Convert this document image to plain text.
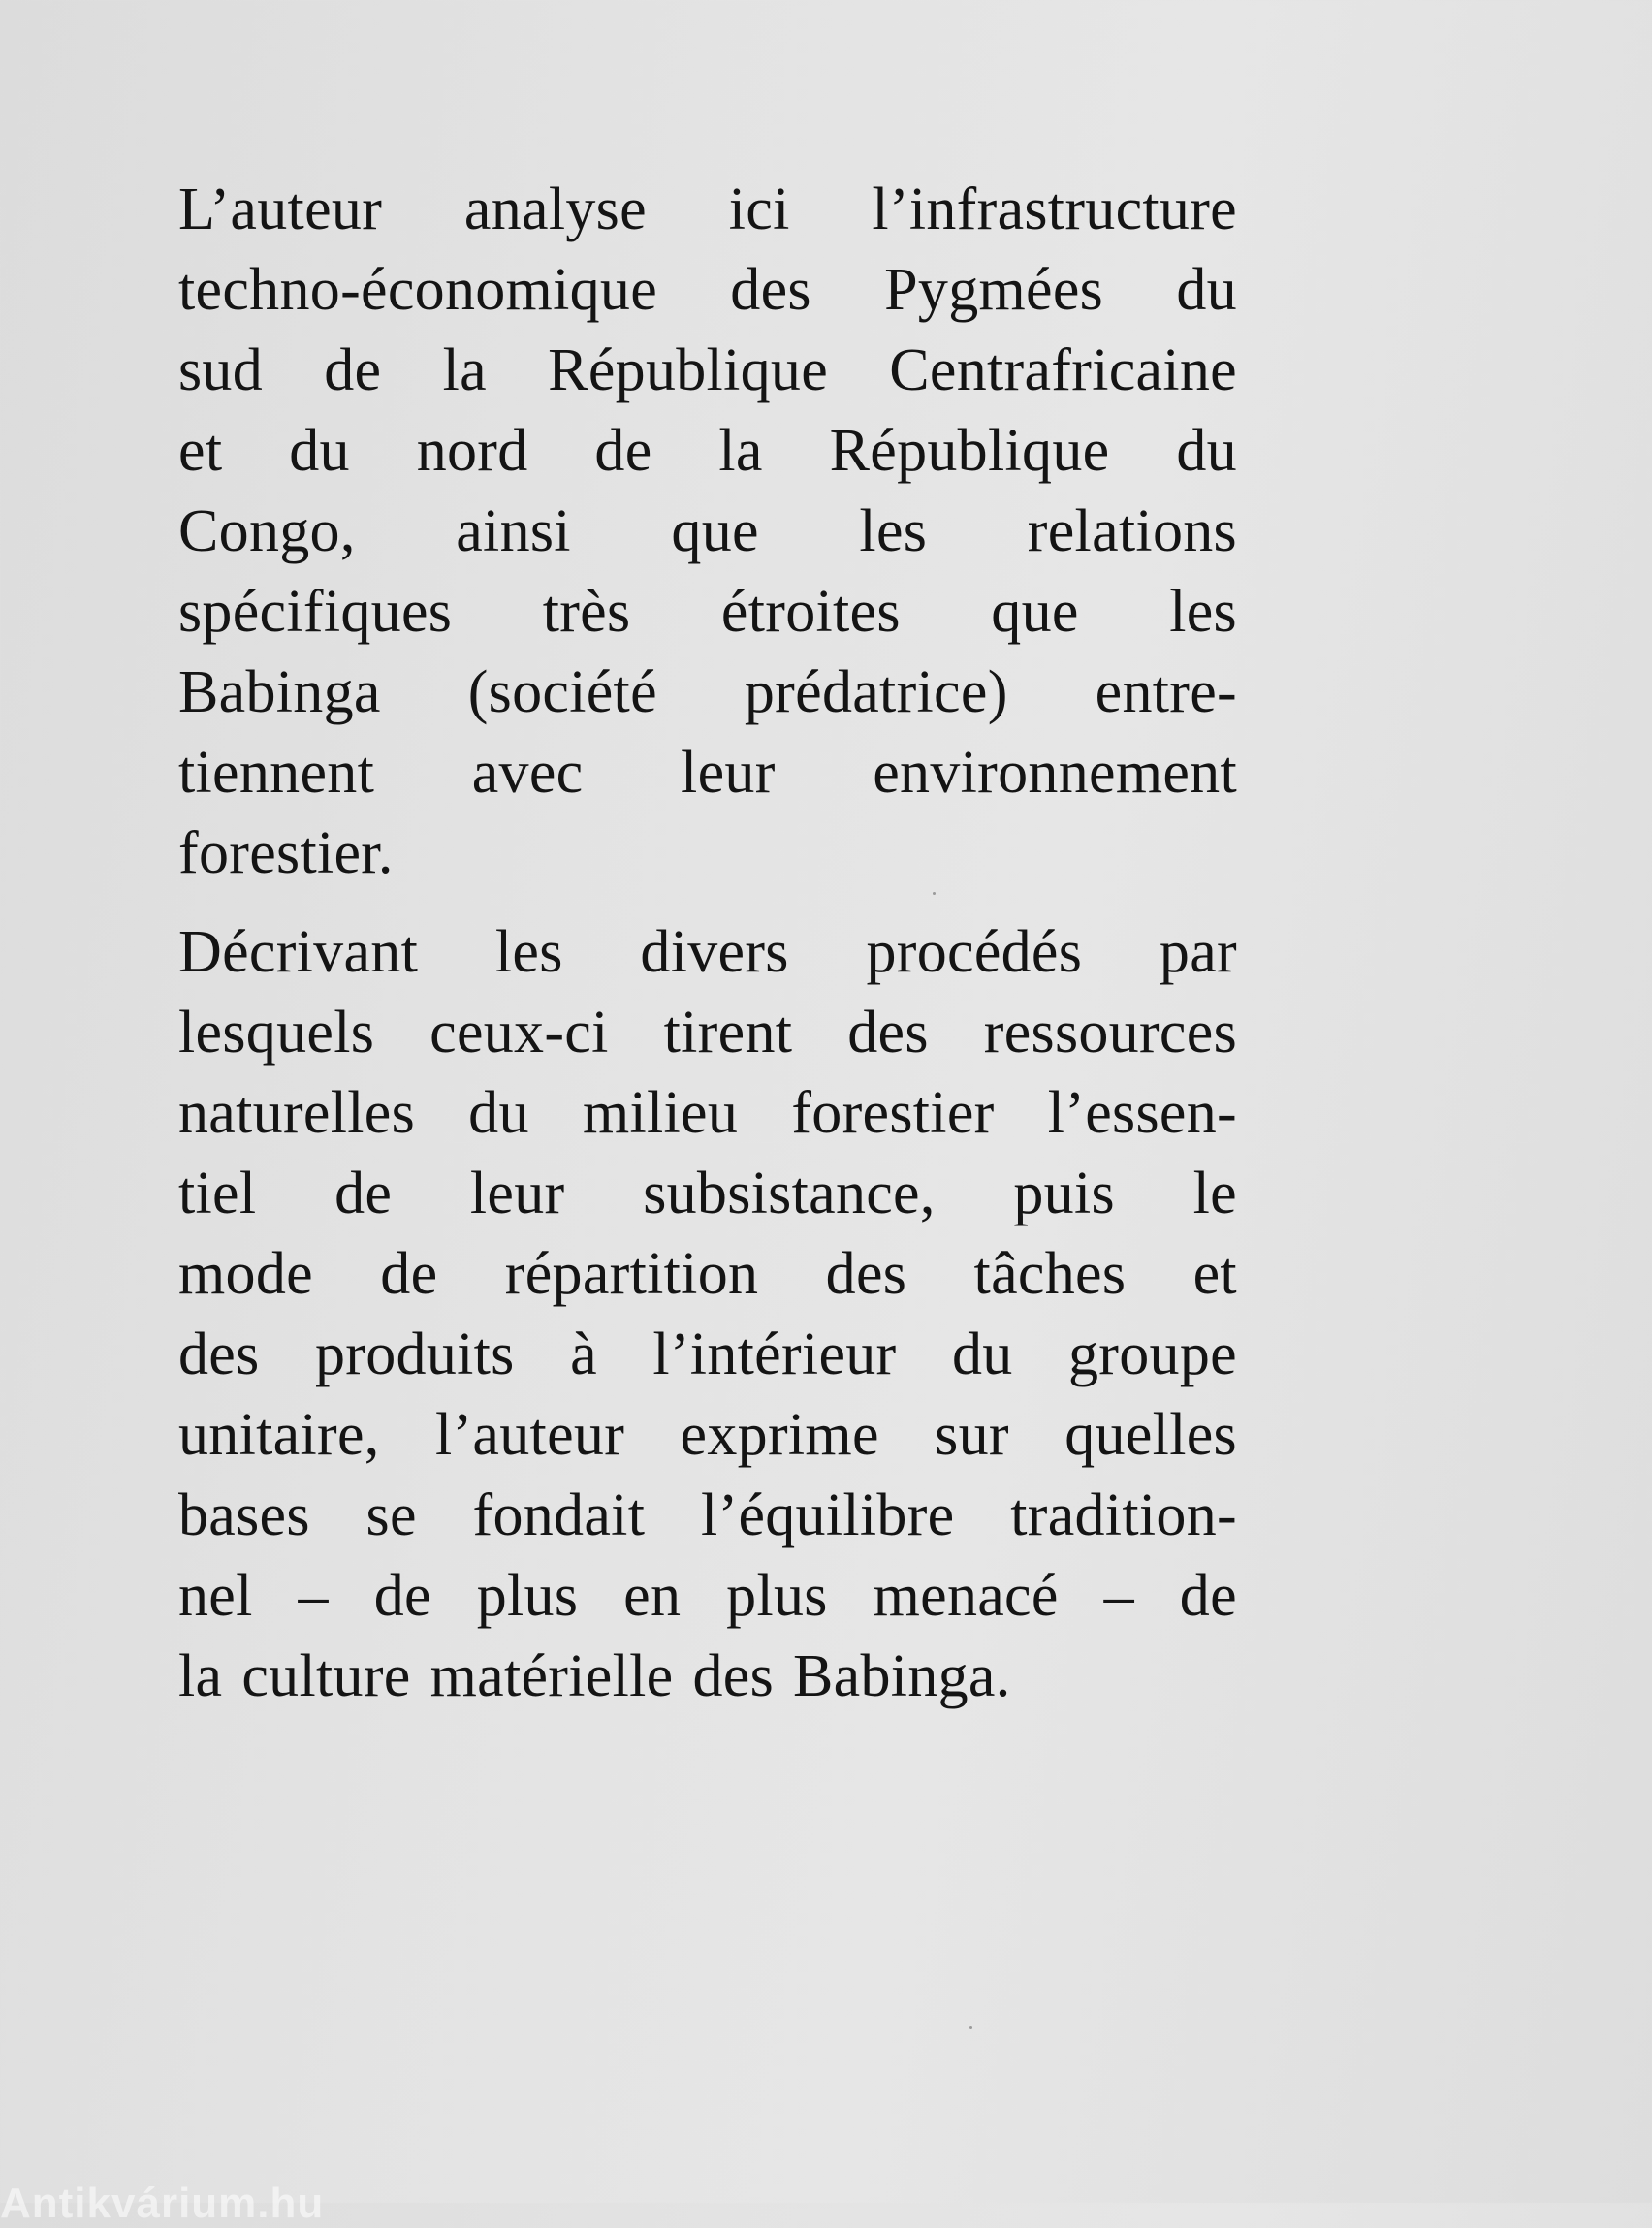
L’auteur analyse ici l’infrastructure
techno-économique des Pygmées du
sud de la République Centrafricaine
et du nord de la République du
Congo, ainsi que les relations
spécifiques très étroites que les
Babinga (société prédatrice) entre-
tiennent avec leur environnement
forestier.
Décrivant les divers procédés par
lesquels ceux-ci tirent des ressources
naturelles du milieu forestier l’essen-
tiel de leur subsistance, puis le
mode de répartition des tâches et
des produits à l’intérieur du groupe
unitaire, l’auteur exprime sur quelles
bases se fondait l’équilibre tradition-
nel – de plus en plus menacé – de
la culture matérielle des Babinga.
Antikvárium.hu
